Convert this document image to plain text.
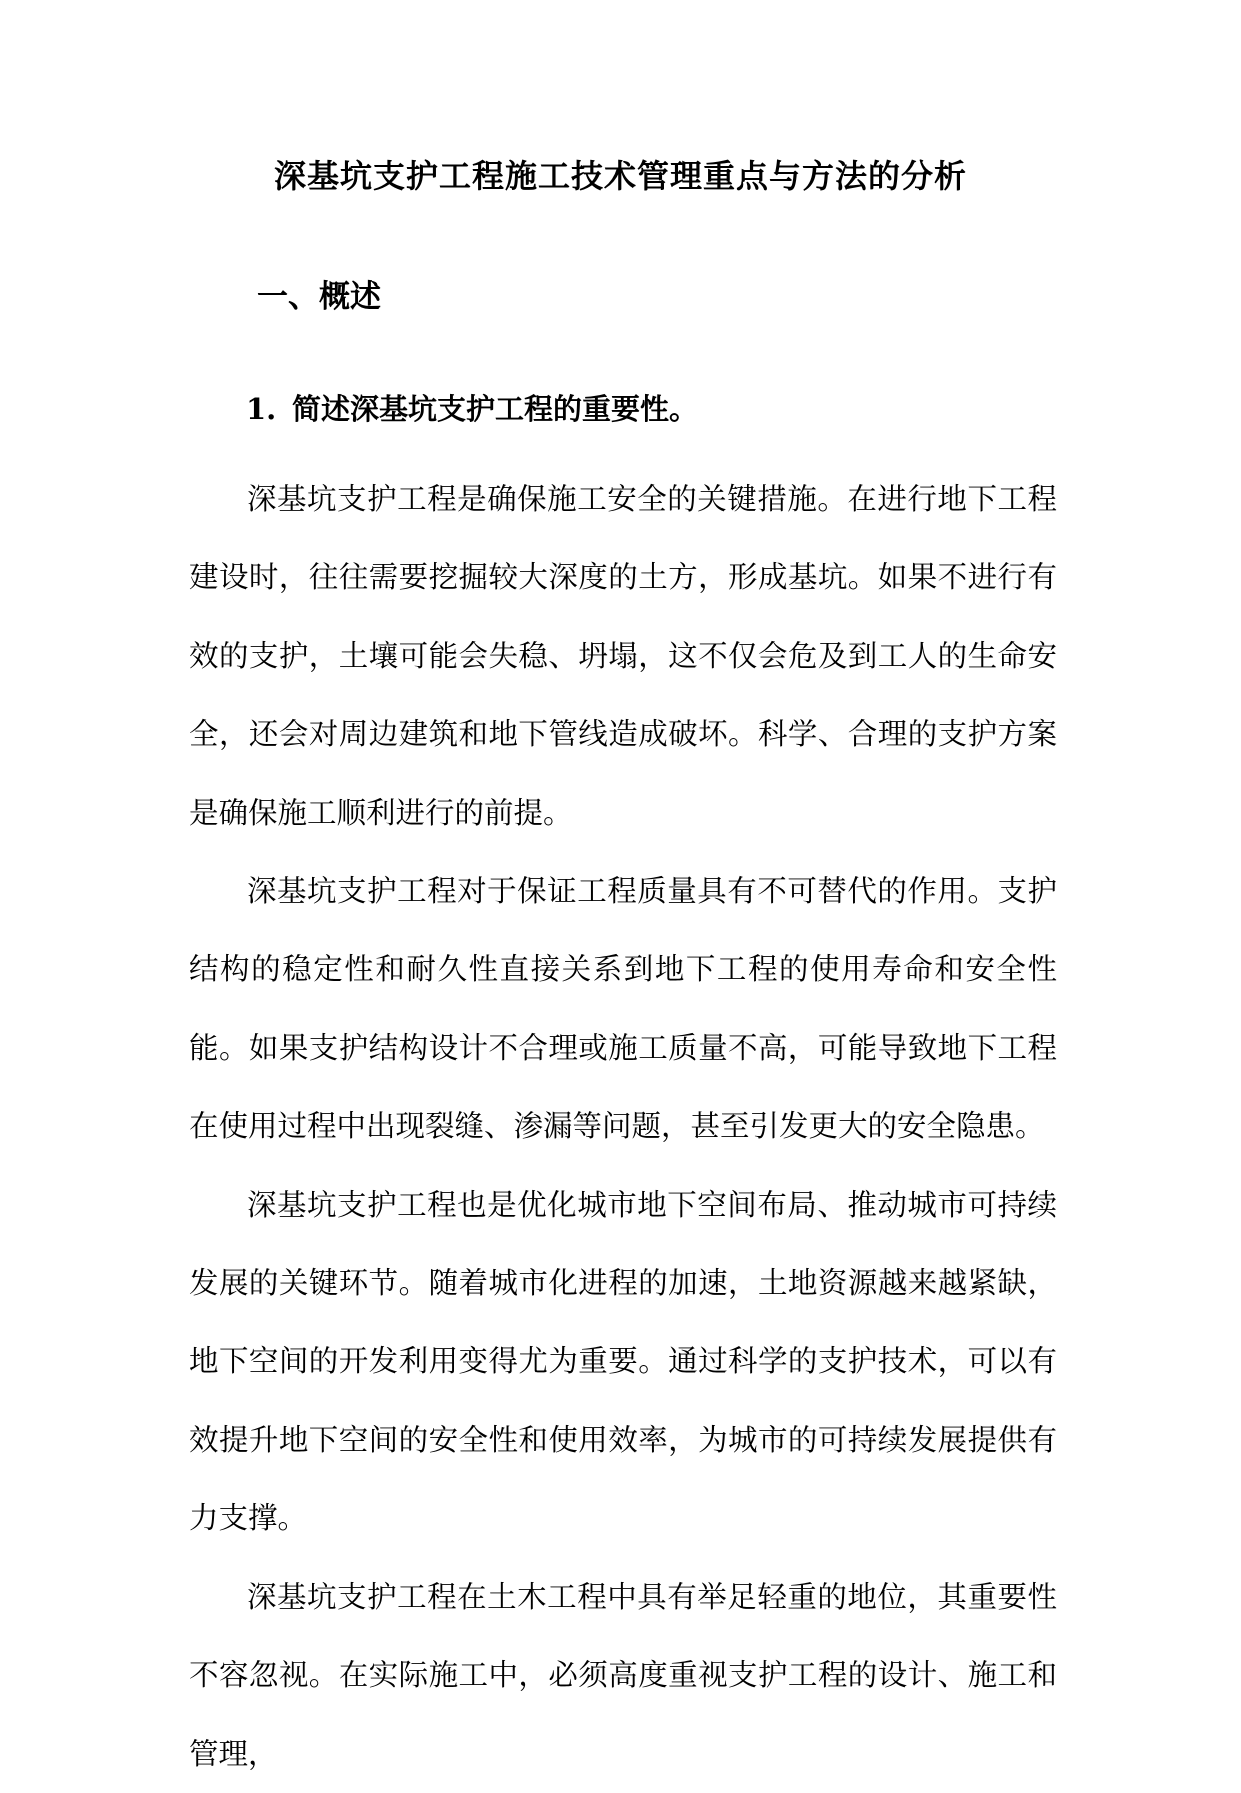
深基坑支护工程施工技术管理重点与方法的分析
一、概述
1. 简述深基坑支护工程的重要性。

深基坑支护工程是确保施工安全的关键措施。在进行地下工程建设时，往往需要挖掘较大深度的土方，形成基坑。如果不进行有效的支护，土壤可能会失稳、坍塌，这不仅会危及到工人的生命安全，还会对周边建筑和地下管线造成破坏。科学、合理的支护方案是确保施工顺利进行的前提。

深基坑支护工程对于保证工程质量具有不可替代的作用。支护结构的稳定性和耐久性直接关系到地下工程的使用寿命和安全性能。如果支护结构设计不合理或施工质量不高，可能导致地下工程在使用过程中出现裂缝、渗漏等问题，甚至引发更大的安全隐患。

深基坑支护工程也是优化城市地下空间布局、推动城市可持续发展的关键环节。随着城市化进程的加速，土地资源越来越紧缺，地下空间的开发利用变得尤为重要。通过科学的支护技术，可以有效提升地下空间的安全性和使用效率，为城市的可持续发展提供有力支撑。

深基坑支护工程在土木工程中具有举足轻重的地位，其重要性不容忽视。在实际施工中，必须高度重视支护工程的设计、施工和管理，
